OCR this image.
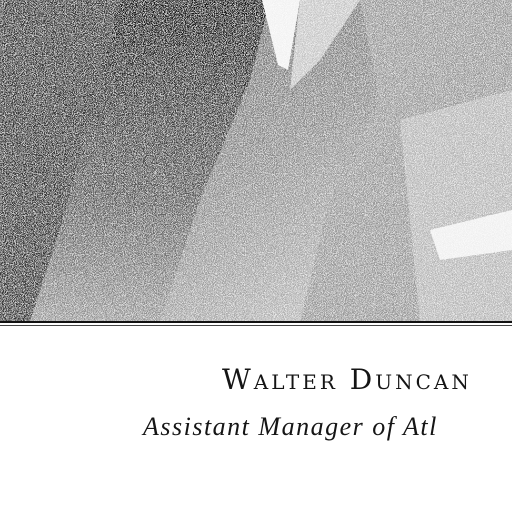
Walter Duncan
Assistant Manager of Atl
